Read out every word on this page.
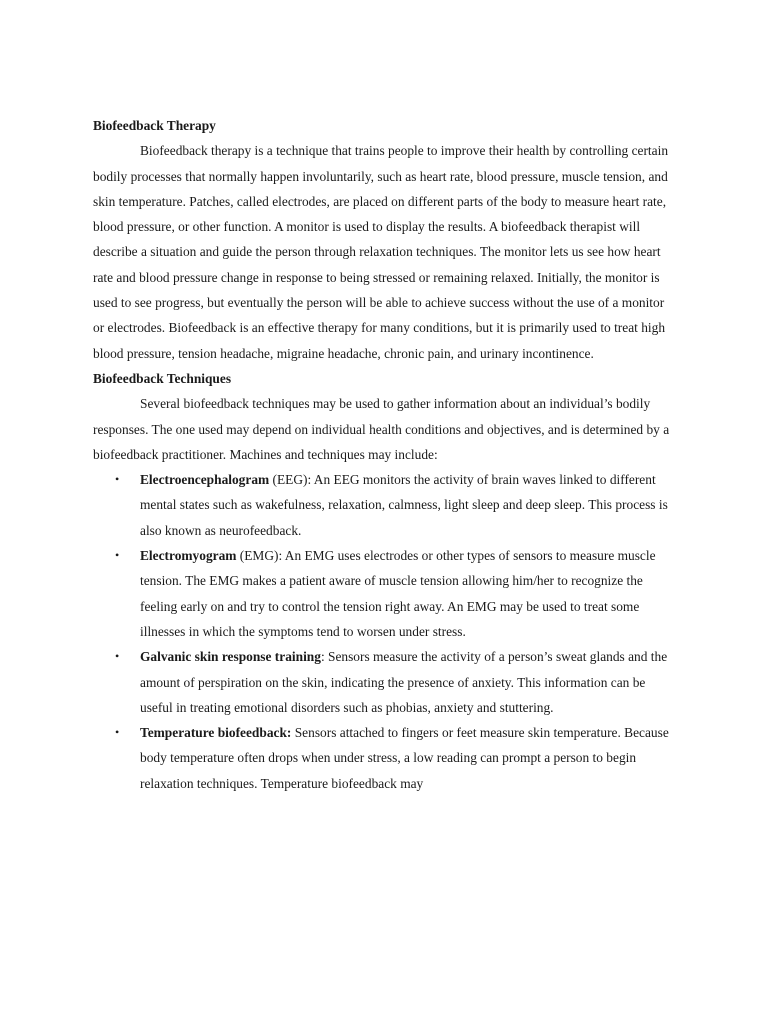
Biofeedback Therapy

Biofeedback therapy is a technique that trains people to improve their health by controlling certain bodily processes that normally happen involuntarily, such as heart rate, blood pressure, muscle tension, and skin temperature. Patches, called electrodes, are placed on different parts of the body to measure heart rate, blood pressure, or other function. A monitor is used to display the results. A biofeedback therapist will describe a situation and guide the person through relaxation techniques. The monitor lets us see how heart rate and blood pressure change in response to being stressed or remaining relaxed. Initially, the monitor is used to see progress, but eventually the person will be able to achieve success without the use of a monitor or electrodes. Biofeedback is an effective therapy for many conditions, but it is primarily used to treat high blood pressure, tension headache, migraine headache, chronic pain, and urinary incontinence.

Biofeedback Techniques

Several biofeedback techniques may be used to gather information about an individual’s bodily responses. The one used may depend on individual health conditions and objectives, and is determined by a biofeedback practitioner. Machines and techniques may include:

• Electroencephalogram (EEG): An EEG monitors the activity of brain waves linked to different mental states such as wakefulness, relaxation, calmness, light sleep and deep sleep. This process is also known as neurofeedback.
• Electromyogram (EMG): An EMG uses electrodes or other types of sensors to measure muscle tension. The EMG makes a patient aware of muscle tension allowing him/her to recognize the feeling early on and try to control the tension right away. An EMG may be used to treat some illnesses in which the symptoms tend to worsen under stress.
• Galvanic skin response training: Sensors measure the activity of a person’s sweat glands and the amount of perspiration on the skin, indicating the presence of anxiety. This information can be useful in treating emotional disorders such as phobias, anxiety and stuttering.
• Temperature biofeedback: Sensors attached to fingers or feet measure skin temperature. Because body temperature often drops when under stress, a low reading can prompt a person to begin relaxation techniques. Temperature biofeedback may
